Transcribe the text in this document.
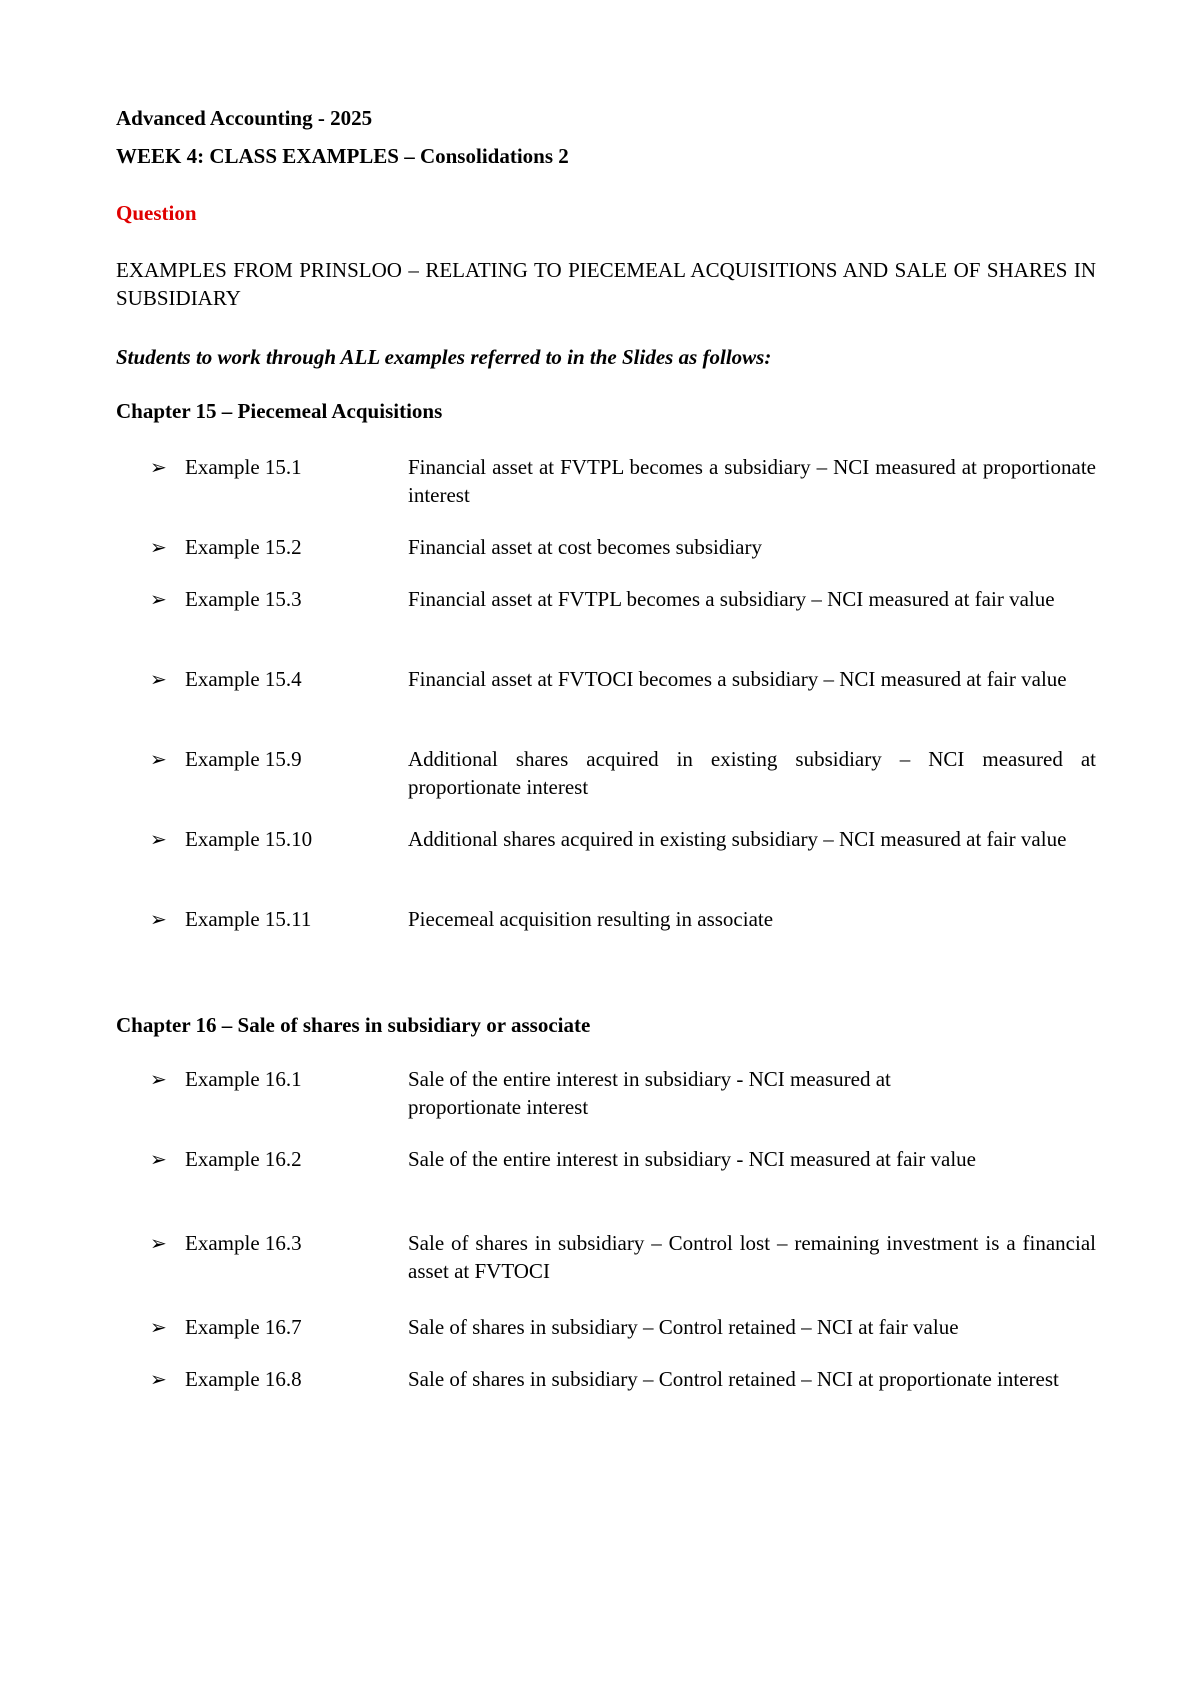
Advanced Accounting - 2025

WEEK 4: CLASS EXAMPLES – Consolidations 2

Question

EXAMPLES FROM PRINSLOO – RELATING TO PIECEMEAL ACQUISITIONS AND SALE OF SHARES IN SUBSIDIARY

Students to work through ALL examples referred to in the Slides as follows:

Chapter 15 – Piecemeal Acquisitions

➢ Example 15.1	Financial asset at FVTPL becomes a subsidiary – NCI measured at proportionate interest
➢ Example 15.2	Financial asset at cost becomes subsidiary
➢ Example 15.3	Financial asset at FVTPL becomes a subsidiary – NCI measured at fair value
➢ Example 15.4	Financial asset at FVTOCI becomes a subsidiary – NCI measured at fair value
➢ Example 15.9	Additional shares acquired in existing subsidiary – NCI measured at proportionate interest
➢ Example 15.10	Additional shares acquired in existing subsidiary – NCI measured at fair value
➢ Example 15.11	Piecemeal acquisition resulting in associate

Chapter 16 – Sale of shares in subsidiary or associate

➢ Example 16.1	Sale of the entire interest in subsidiary - NCI measured at proportionate interest
➢ Example 16.2	Sale of the entire interest in subsidiary - NCI measured at fair value
➢ Example 16.3	Sale of shares in subsidiary – Control lost – remaining investment is a financial asset at FVTOCI
➢ Example 16.7	Sale of shares in subsidiary – Control retained – NCI at fair value
➢ Example 16.8	Sale of shares in subsidiary – Control retained – NCI at proportionate interest
